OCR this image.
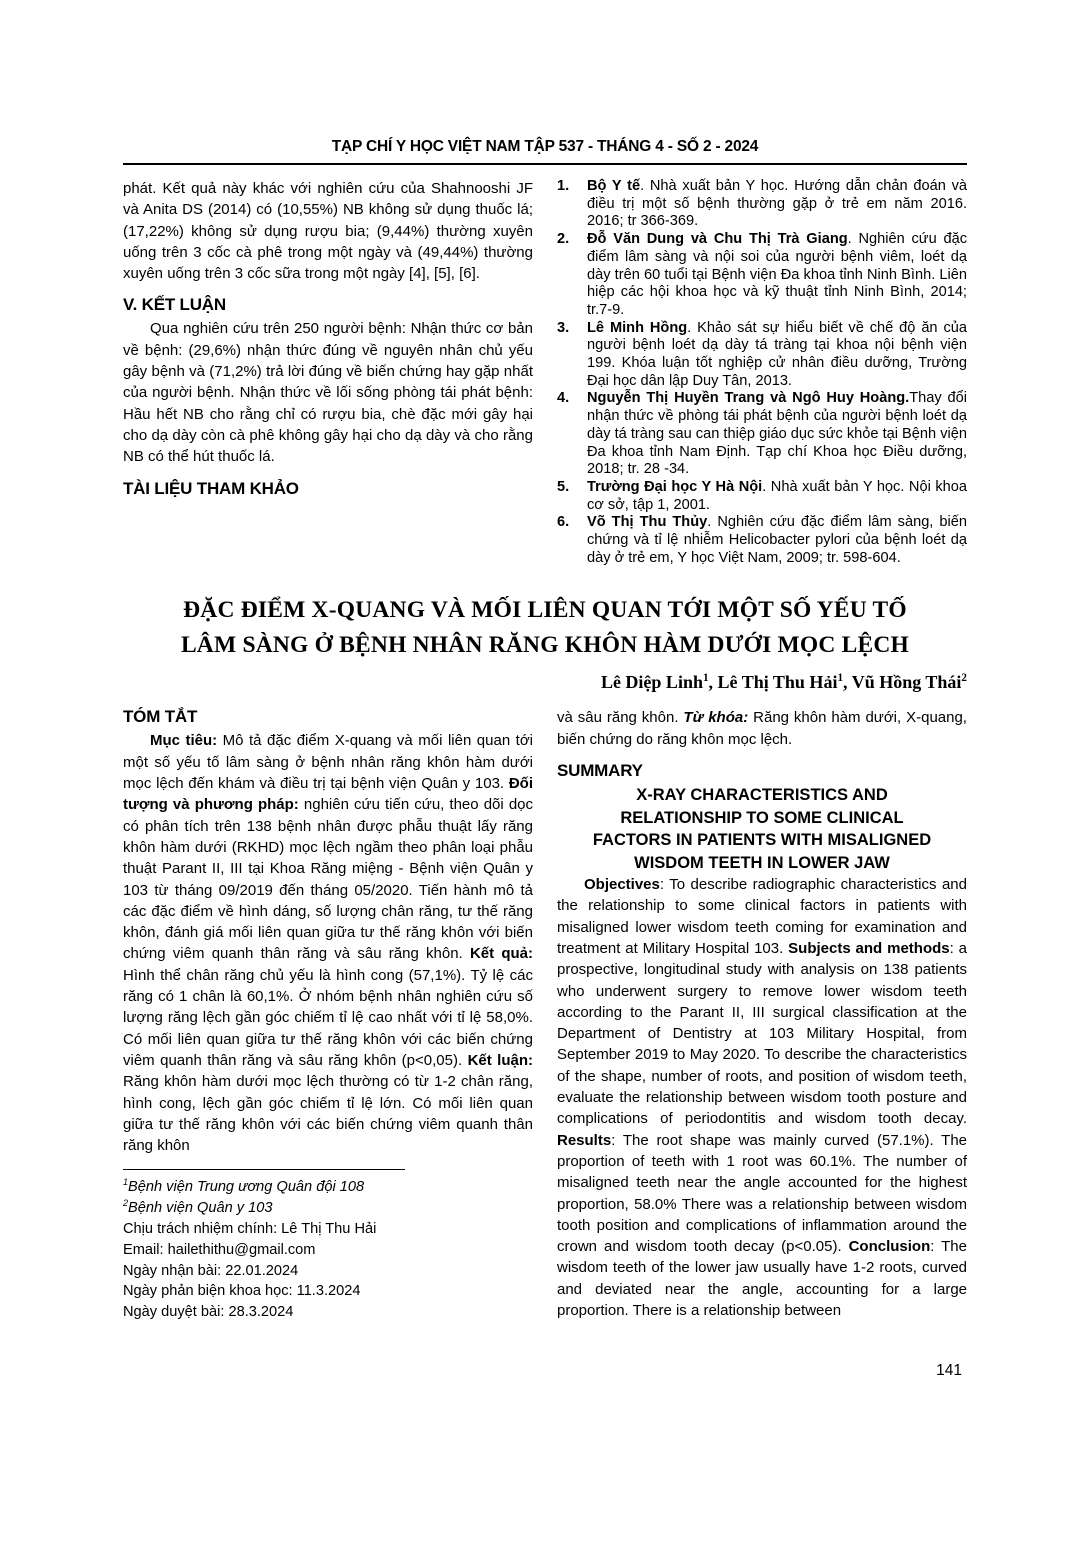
TẠP CHÍ Y HỌC VIỆT NAM TẬP 537 - THÁNG 4 - SỐ 2 - 2024

phát. Kết quả này khác với nghiên cứu của Shahnooshi JF và Anita DS (2014) có (10,55%) NB không sử dụng thuốc lá; (17,22%) không sử dụng rượu bia; (9,44%) thường xuyên uống trên 3 cốc cà phê trong một ngày và (49,44%) thường xuyên uống trên 3 cốc sữa trong một ngày [4], [5], [6].

V. KẾT LUẬN

Qua nghiên cứu trên 250 người bệnh: Nhận thức cơ bản về bệnh: (29,6%) nhận thức đúng về nguyên nhân chủ yếu gây bệnh và (71,2%) trả lời đúng về biến chứng hay gặp nhất của người bệnh. Nhận thức về lối sống phòng tái phát bệnh: Hầu hết NB cho rằng chỉ có rượu bia, chè đặc mới gây hại cho dạ dày còn cà phê không gây hại cho dạ dày và cho rằng NB có thể hút thuốc lá.

TÀI LIỆU THAM KHẢO
1.	Bộ Y tế. Nhà xuất bản Y học. Hướng dẫn chản đoán và điều trị một số bệnh thường gặp ở trẻ em năm 2016. 2016; tr 366-369.
2.	Đỗ Văn Dung và Chu Thị Trà Giang. Nghiên cứu đặc điểm lâm sàng và nội soi của người bệnh viêm, loét dạ dày trên 60 tuổi tại Bệnh viện Đa khoa tỉnh Ninh Bình. Liên hiệp các hội khoa học và kỹ thuật tỉnh Ninh Bình, 2014; tr.7-9.
3.	Lê Minh Hồng. Khảo sát sự hiểu biết về chế độ ăn của người bệnh loét dạ dày tá tràng tại khoa nội bệnh viện 199. Khóa luận tốt nghiệp cử nhân điều dưỡng, Trường Đại học dân lập Duy Tân, 2013.
4.	Nguyễn Thị Huyền Trang và Ngô Huy Hoàng.Thay đổi nhận thức về phòng tái phát bệnh của người bệnh loét dạ dày tá tràng sau can thiệp giáo dục sức khỏe tại Bệnh viện Đa khoa tỉnh Nam Định. Tạp chí Khoa học Điều dưỡng, 2018; tr. 28 -34.
5.	Trường Đại học Y Hà Nội. Nhà xuất bản Y học. Nội khoa cơ sở, tập 1, 2001.
6.	Võ Thị Thu Thủy. Nghiên cứu đặc điểm lâm sàng, biến chứng và tỉ lệ nhiễm Helicobacter pylori của bệnh loét dạ dày ở trẻ em, Y học Việt Nam, 2009; tr. 598-604.
ĐẶC ĐIỂM X-QUANG VÀ MỐI LIÊN QUAN TỚI MỘT SỐ YẾU TỐ
LÂM SÀNG Ở BỆNH NHÂN RĂNG KHÔN HÀM DƯỚI MỌC LỆCH
Lê Diệp Linh$^1$, Lê Thị Thu Hải$^1$, Vũ Hồng Thái$^2$
TÓM TẮT

Mục tiêu: Mô tả đặc điểm X-quang và mối liên quan tới một số yếu tố lâm sàng ở bệnh nhân răng khôn hàm dưới mọc lệch đến khám và điều trị tại bệnh viện Quân y 103. Đối tượng và phương pháp: nghiên cứu tiến cứu, theo dõi dọc có phân tích trên 138 bệnh nhân được phẫu thuật lấy răng khôn hàm dưới (RKHD) mọc lệch ngầm theo phân loại phẫu thuật Parant II, III tại Khoa Răng miệng - Bệnh viện Quân y 103 từ tháng 09/2019 đến tháng 05/2020. Tiến hành mô tả các đặc điểm về hình dáng, số lượng chân răng, tư thế răng khôn, đánh giá mối liên quan giữa tư thế răng khôn với biến chứng viêm quanh thân răng và sâu răng khôn. Kết quả: Hình thể chân răng chủ yếu là hình cong (57,1%). Tỷ lệ các răng có 1 chân là 60,1%. Ở nhóm bệnh nhân nghiên cứu số lượng răng lệch gần góc chiếm tỉ lệ cao nhất với tỉ lệ 58,0%. Có mối liên quan giữa tư thế răng khôn với các biến chứng viêm quanh thân răng và sâu răng khôn (p<0,05). Kết luận: Răng khôn hàm dưới mọc lệch thường có từ 1-2 chân răng, hình cong, lệch gần góc chiếm tỉ lệ lớn. Có mối liên quan giữa tư thế răng khôn với các biến chứng viêm quanh thân răng khôn

$^1$Bệnh viện Trung ương Quân đội 108
$^2$Bệnh viện Quân y 103
Chịu trách nhiệm chính: Lê Thị Thu Hải
Email: hailethithu@gmail.com
Ngày nhận bài: 22.01.2024
Ngày phản biện khoa học: 11.3.2024
Ngày duyệt bài: 28.3.2024

và sâu răng khôn. Từ khóa: Răng khôn hàm dưới, X-quang, biến chứng do răng khôn mọc lệch.

SUMMARY
X-RAY CHARACTERISTICS AND
RELATIONSHIP TO SOME CLINICAL
FACTORS IN PATIENTS WITH MISALIGNED
WISDOM TEETH IN LOWER JAW

Objectives: To describe radiographic characteristics and the relationship to some clinical factors in patients with misaligned lower wisdom teeth coming for examination and treatment at Military Hospital 103. Subjects and methods: a prospective, longitudinal study with analysis on 138 patients who underwent surgery to remove lower wisdom teeth according to the Parant II, III surgical classification at the Department of Dentistry at 103 Military Hospital, from September 2019 to May 2020. To describe the characteristics of the shape, number of roots, and position of wisdom teeth, evaluate the relationship between wisdom tooth posture and complications of periodontitis and wisdom tooth decay. Results: The root shape was mainly curved (57.1%). The proportion of teeth with 1 root was 60.1%. The number of misaligned teeth near the angle accounted for the highest proportion, 58.0% There was a relationship between wisdom tooth position and complications of inflammation around the crown and wisdom tooth decay (p<0.05). Conclusion: The wisdom teeth of the lower jaw usually have 1-2 roots, curved and deviated near the angle, accounting for a large proportion. There is a relationship between

141
